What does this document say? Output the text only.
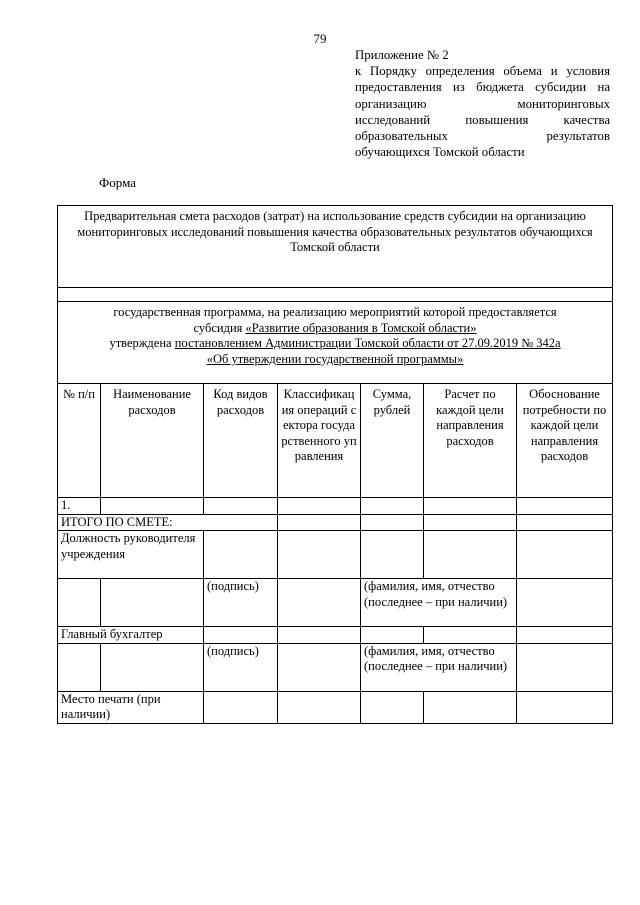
79
Приложение № 2
к Порядку определения объема и условия
предоставления из бюджета субсидии на
организацию	мониторинговых
исследований	повышения	качества
образовательных	результатов
обучающихся Томской области
Форма
Предварительная смета расходов (затрат) на использование средств субсидии на организацию мониторинговых исследований повышения качества образовательных результатов обучающихся Томской области						

государственная программа, на реализацию мероприятий которой предоставляется
субсидия «Развитие образования в Томской области»
утверждена постановлением Администрации Томской области от 27.09.2019 № 342а
«Об утверждении государственной программы»						

№ п/п	Наименование расходов	Код видов расходов	Классификация операций сектора государственного управления	Сумма, рублей	Расчет по каждой цели направления расходов	Обоснование потребности по каждой цели направления расходов
1.						
ИТОГО ПО СМЕТЕ:						
Должность руководителя учреждения						
		(подпись)		(фамилия, имя, отчество (последнее – при наличии)		
Главный бухгалтер						
		(подпись)		(фамилия, имя, отчество (последнее – при наличии)		
Место печати (при наличии)						
